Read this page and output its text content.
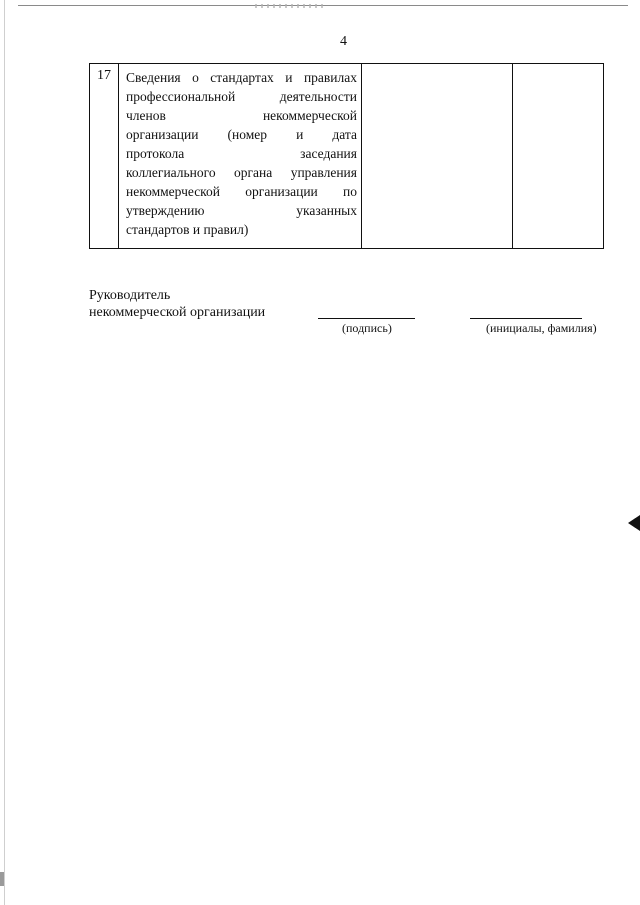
4
17	Сведения о стандартах и правилах
профессиональной деятельности
членов некоммерческой
организации (номер и дата
протокола заседания
коллегиального органа управления
некоммерческой организации по
утверждению указанных
стандартов и правил)

Руководитель
некоммерческой организации
(подпись)	(инициалы, фамилия)
